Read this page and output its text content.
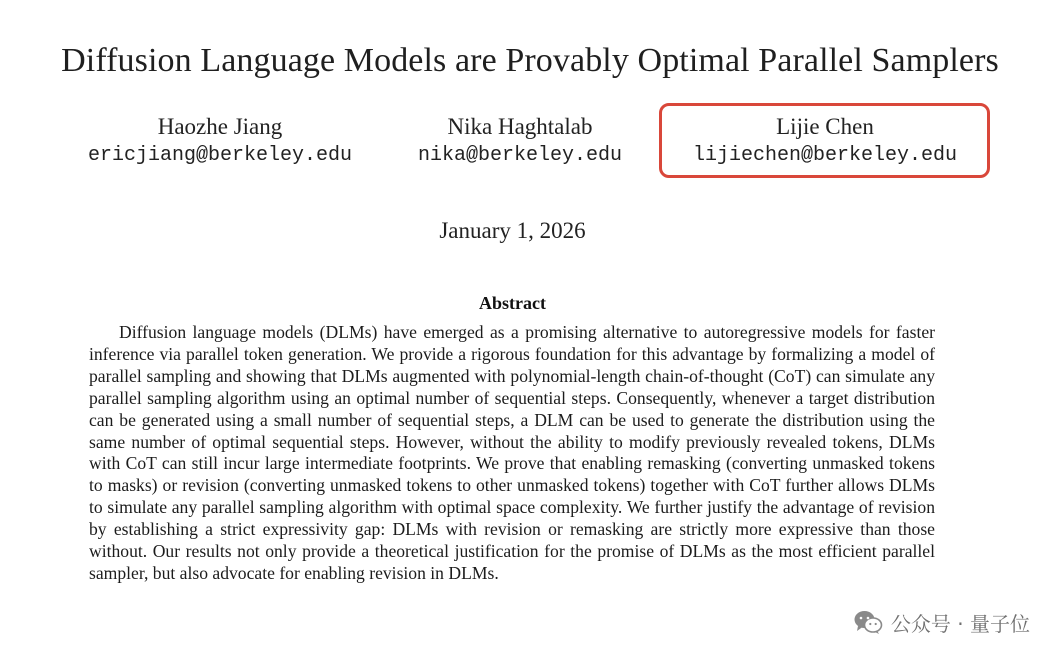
Diffusion Language Models are Provably Optimal Parallel Samplers
Haozhe Jiang
ericjiang@berkeley.edu
Nika Haghtalab
nika@berkeley.edu
Lijie Chen
lijiechen@berkeley.edu
January 1, 2026
Abstract

Diffusion language models (DLMs) have emerged as a promising alternative to autoregressive models for faster inference via parallel token generation. We provide a rigorous foundation for this advantage by formalizing a model of parallel sampling and showing that DLMs augmented with polynomial-length chain-of-thought (CoT) can simulate any parallel sampling algorithm using an optimal number of sequential steps. Consequently, whenever a target distribution can be generated using a small number of sequential steps, a DLM can be used to generate the distribution using the same number of optimal sequential steps. However, without the ability to modify previously revealed tokens, DLMs with CoT can still incur large intermediate footprints. We prove that enabling remasking (converting unmasked tokens to masks) or revision (converting unmasked tokens to other unmasked tokens) together with CoT further allows DLMs to simulate any parallel sampling algorithm with optimal space complexity. We further justify the advantage of revision by establishing a strict expressivity gap: DLMs with revision or remasking are strictly more expressive than those without. Our results not only provide a theoretical justification for the promise of DLMs as the most efficient parallel sampler, but also advocate for enabling revision in DLMs.

公众号 · 量子位
